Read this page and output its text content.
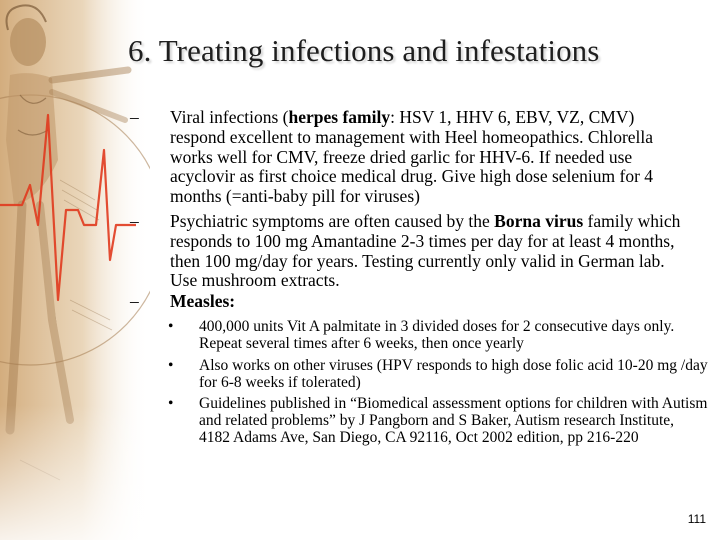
6. Treating infections and infestations
–	Viral infections (herpes family: HSV 1, HHV 6, EBV, VZ, CMV) respond excellent to management with Heel homeopathics. Chlorella works well for CMV, freeze dried garlic for HHV-6. If needed use acyclovir as first choice medical drug. Give high dose selenium for 4 months (=anti-baby pill for viruses)
–	Psychiatric symptoms are often caused by the Borna virus family which responds to 100 mg Amantadine 2-3 times per day for at least 4 months, then 100 mg/day for years. Testing currently only valid in German lab. Use mushroom extracts.
–	Measles:
• 400,000 units Vit A palmitate in 3 divided doses for 2 consecutive days only. Repeat several times after 6 weeks, then once yearly
• Also works on other viruses (HPV responds to high dose folic acid 10-20 mg /day for 6-8 weeks if tolerated)
• Guidelines published in “Biomedical assessment options for children with Autism and related problems” by J Pangborn and S Baker, Autism research Institute, 4182 Adams Ave, San Diego, CA 92116, Oct 2002 edition, pp 216-220
111
